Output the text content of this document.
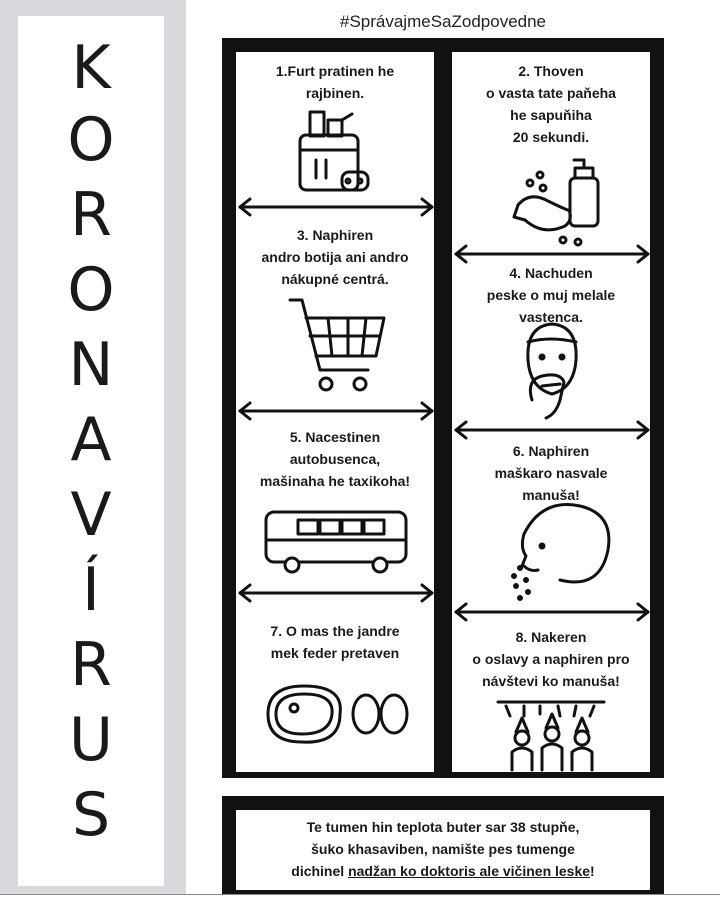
K
O
R
O
N
A
V
Í
R
U
S
#SprávajmeSaZodpovedne
1.Furt pratinen he
rajbinen.
2. Thoven
o vasta tate paňeha
he sapuňiha
20 sekundi.
3. Naphiren
andro botija ani andro
nákupné centrá.	4. Nachuden
peske o muj melale
vastenca.
5. Nacestinen
autobusenca,
mašinaha he taxikoha!
6. Naphiren
maškaro nasvale
manuša!
7. O mas the jandre
mek feder pretaven
8. Nakeren
o oslavy a naphiren pro
návštevi ko manuša!
Te tumen hin teplota buter sar 38 stupňe,
šuko khasaviben, namište pes tumenge
dichinel nadžan ko doktoris ale vičinen leske!
